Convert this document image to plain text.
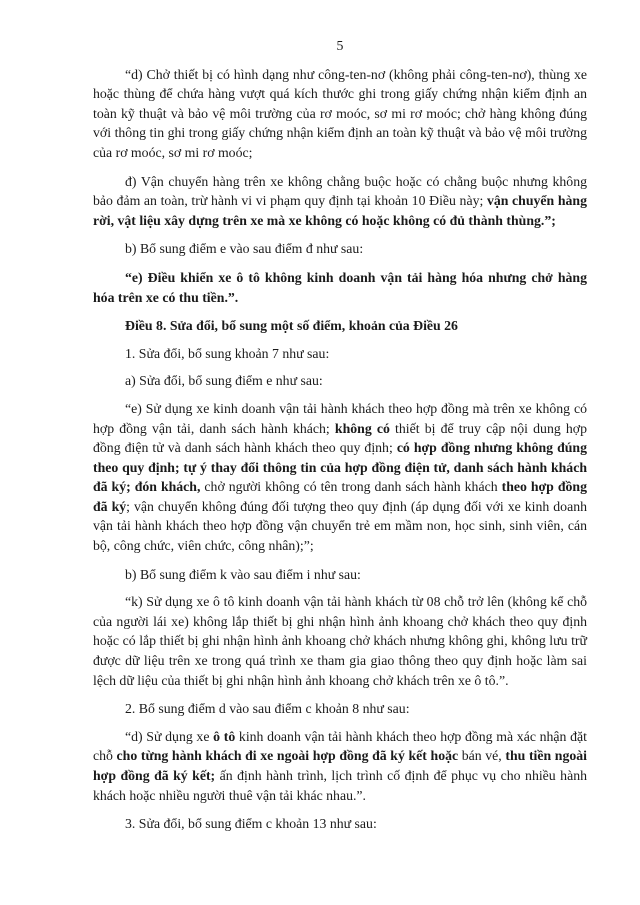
5

“d) Chở thiết bị có hình dạng như công-ten-nơ (không phải công-ten-nơ), thùng xe hoặc thùng để chứa hàng vượt quá kích thước ghi trong giấy chứng nhận kiểm định an toàn kỹ thuật và bảo vệ môi trường của rơ moóc, sơ mi rơ moóc; chở hàng không đúng với thông tin ghi trong giấy chứng nhận kiểm định an toàn kỹ thuật và bảo vệ môi trường của rơ moóc, sơ mi rơ moóc;

đ) Vận chuyển hàng trên xe không chằng buộc hoặc có chằng buộc nhưng không bảo đảm an toàn, trừ hành vi vi phạm quy định tại khoản 10 Điều này; vận chuyển hàng rời, vật liệu xây dựng trên xe mà xe không có hoặc không có đủ thành thùng.”;

b) Bổ sung điểm e vào sau điểm đ như sau:

“e) Điều khiển xe ô tô không kinh doanh vận tải hàng hóa nhưng chở hàng hóa trên xe có thu tiền.”.

Điều 8. Sửa đổi, bổ sung một số điểm, khoản của Điều 26

1. Sửa đổi, bổ sung khoản 7 như sau:

a) Sửa đổi, bổ sung điểm e như sau:

“e) Sử dụng xe kinh doanh vận tải hành khách theo hợp đồng mà trên xe không có hợp đồng vận tải, danh sách hành khách; không có thiết bị để truy cập nội dung hợp đồng điện tử và danh sách hành khách theo quy định; có hợp đồng nhưng không đúng theo quy định; tự ý thay đổi thông tin của hợp đồng điện tử, danh sách hành khách đã ký; đón khách, chở người không có tên trong danh sách hành khách theo hợp đồng đã ký; vận chuyển không đúng đối tượng theo quy định (áp dụng đối với xe kinh doanh vận tải hành khách theo hợp đồng vận chuyển trẻ em mầm non, học sinh, sinh viên, cán bộ, công chức, viên chức, công nhân);”;

b) Bổ sung điểm k vào sau điểm i như sau:

“k) Sử dụng xe ô tô kinh doanh vận tải hành khách từ 08 chỗ trở lên (không kể chỗ của người lái xe) không lắp thiết bị ghi nhận hình ảnh khoang chở khách theo quy định hoặc có lắp thiết bị ghi nhận hình ảnh khoang chở khách nhưng không ghi, không lưu trữ được dữ liệu trên xe trong quá trình xe tham gia giao thông theo quy định hoặc làm sai lệch dữ liệu của thiết bị ghi nhận hình ảnh khoang chở khách trên xe ô tô.”.

2. Bổ sung điểm d vào sau điểm c khoản 8 như sau:

“d) Sử dụng xe ô tô kinh doanh vận tải hành khách theo hợp đồng mà xác nhận đặt chỗ cho từng hành khách đi xe ngoài hợp đồng đã ký kết hoặc bán vé, thu tiền ngoài hợp đồng đã ký kết; ấn định hành trình, lịch trình cố định để phục vụ cho nhiều hành khách hoặc nhiều người thuê vận tải khác nhau.”.

3. Sửa đổi, bổ sung điểm c khoản 13 như sau:
